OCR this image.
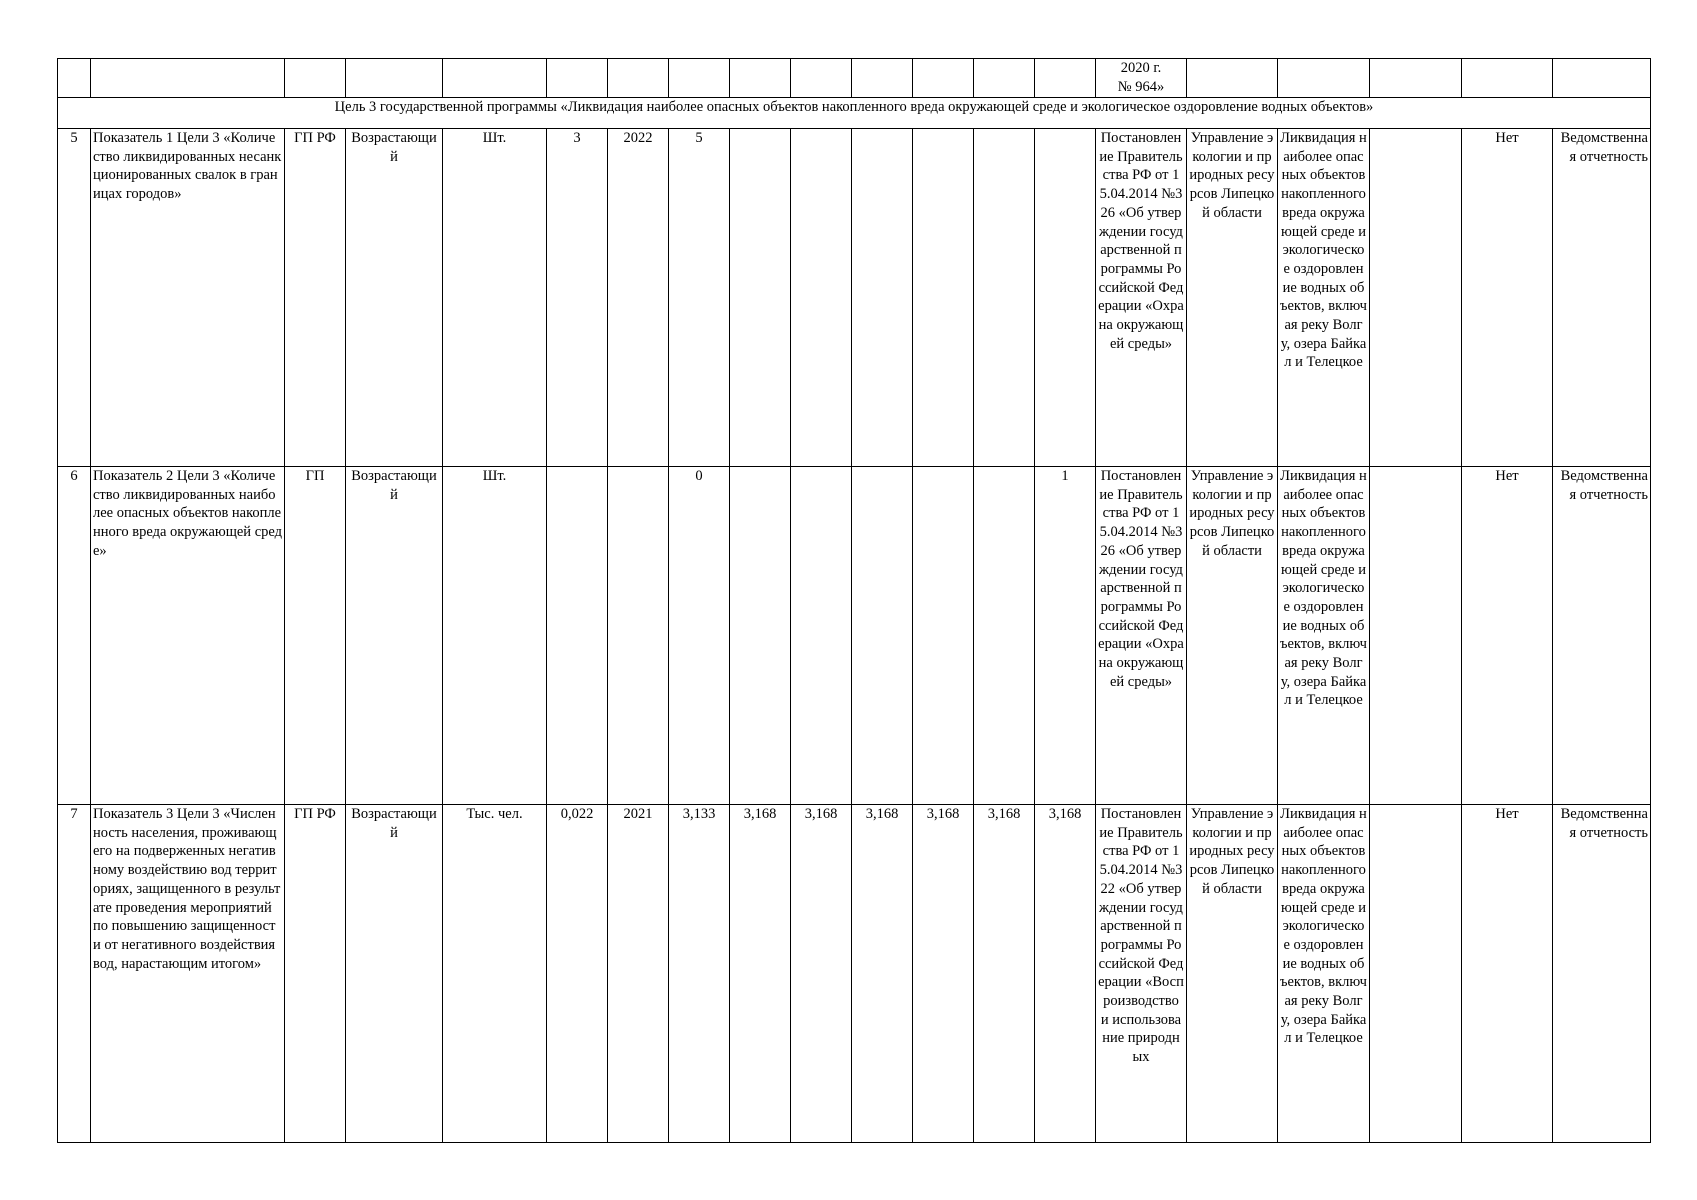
														2020 г.
№ 964»					
Цель 3 государственной программы «Ликвидация наиболее опасных объектов накопленного вреда окружающей среде и экологическое оздоровление водных объектов»																			
5	Показатель 1 Цели 3 «Количество ликвидированных несанкционированных свалок в границах городов»	ГП РФ	Возрастающий	Шт.	3	2022	5							Постановление Правительства РФ от 15.04.2014 №326 «Об утверждении государственной программы Российской Федерации «Охрана окружающей среды»	Управление экологии и природных ресурсов Липецкой области	Ликвидация наиболее опасных объектов накопленного вреда окружающей среде и экологическое оздоровление водных объектов, включая реку Волгу, озера Байкал и Телецкое		Нет	Ведомственная отчетность
6	Показатель 2 Цели 3 «Количество ликвидированных наиболее опасных объектов накопленного вреда окружающей среде»	ГП	Возрастающий	Шт.			0						1	Постановление Правительства РФ от 15.04.2014 №326 «Об утверждении государственной программы Российской Федерации «Охрана окружающей среды»	Управление экологии и природных ресурсов Липецкой области	Ликвидация наиболее опасных объектов накопленного вреда окружающей среде и экологическое оздоровление водных объектов, включая реку Волгу, озера Байкал и Телецкое		Нет	Ведомственная отчетность
7	Показатель 3 Цели 3 «Численность населения, проживающего на подверженных негативному воздействию вод территориях, защищенного в результате проведения мероприятий по повышению защищенности от негативного воздействия вод, нарастающим итогом»	ГП РФ	Возрастающий	Тыс. чел.	0,022	2021	3,133	3,168	3,168	3,168	3,168	3,168	3,168	Постановление Правительства РФ от 15.04.2014 №322 «Об утверждении государственной программы Российской Федерации «Воспроизводство и использование природных	Управление экологии и природных ресурсов Липецкой области	Ликвидация наиболее опасных объектов накопленного вреда окружающей среде и экологическое оздоровление водных объектов, включая реку Волгу, озера Байкал и Телецкое		Нет	Ведомственная отчетность
